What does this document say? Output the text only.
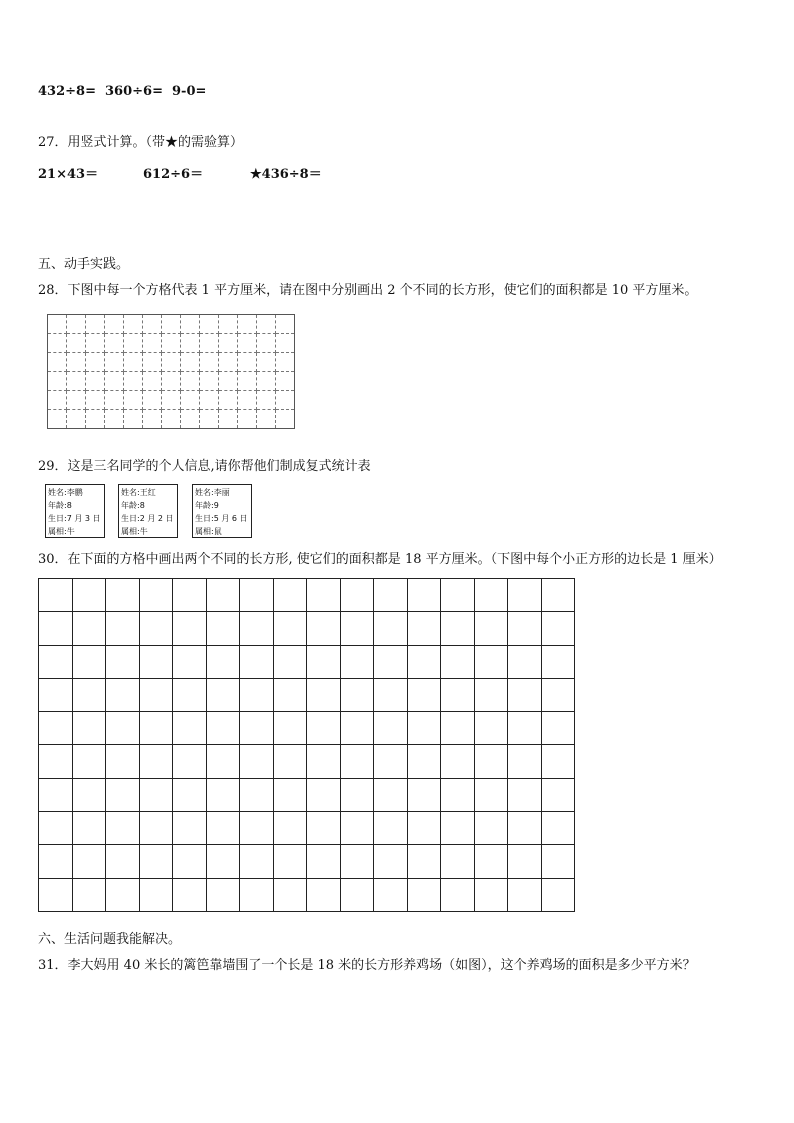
432÷8= 360÷6= 9-0=
27．用竖式计算。（带★的需验算）
21×43＝	612÷6＝	★436÷8＝
五、动手实践。
28．下图中每一个方格代表 1 平方厘米，请在图中分别画出 2 个不同的长方形，使它们的面积都是 10 平方厘米。

29．这是三名同学的个人信息,请你帮他们制成复式统计表
姓名:李鹏
年龄:8
生日:7 月 3 日
属相:牛
姓名:王红
年龄:8
生日:2 月 2 日
属相:牛
姓名:李丽
年龄:9
生日:5 月 6 日
属相:鼠
30．在下面的方格中画出两个不同的长方形, 使它们的面积都是 18 平方厘米。（下图中每个小正方形的边长是 1 厘米）

六、生活问题我能解决。
31．李大妈用 40 米长的篱笆靠墙围了一个长是 18 米的长方形养鸡场（如图），这个养鸡场的面积是多少平方米？
